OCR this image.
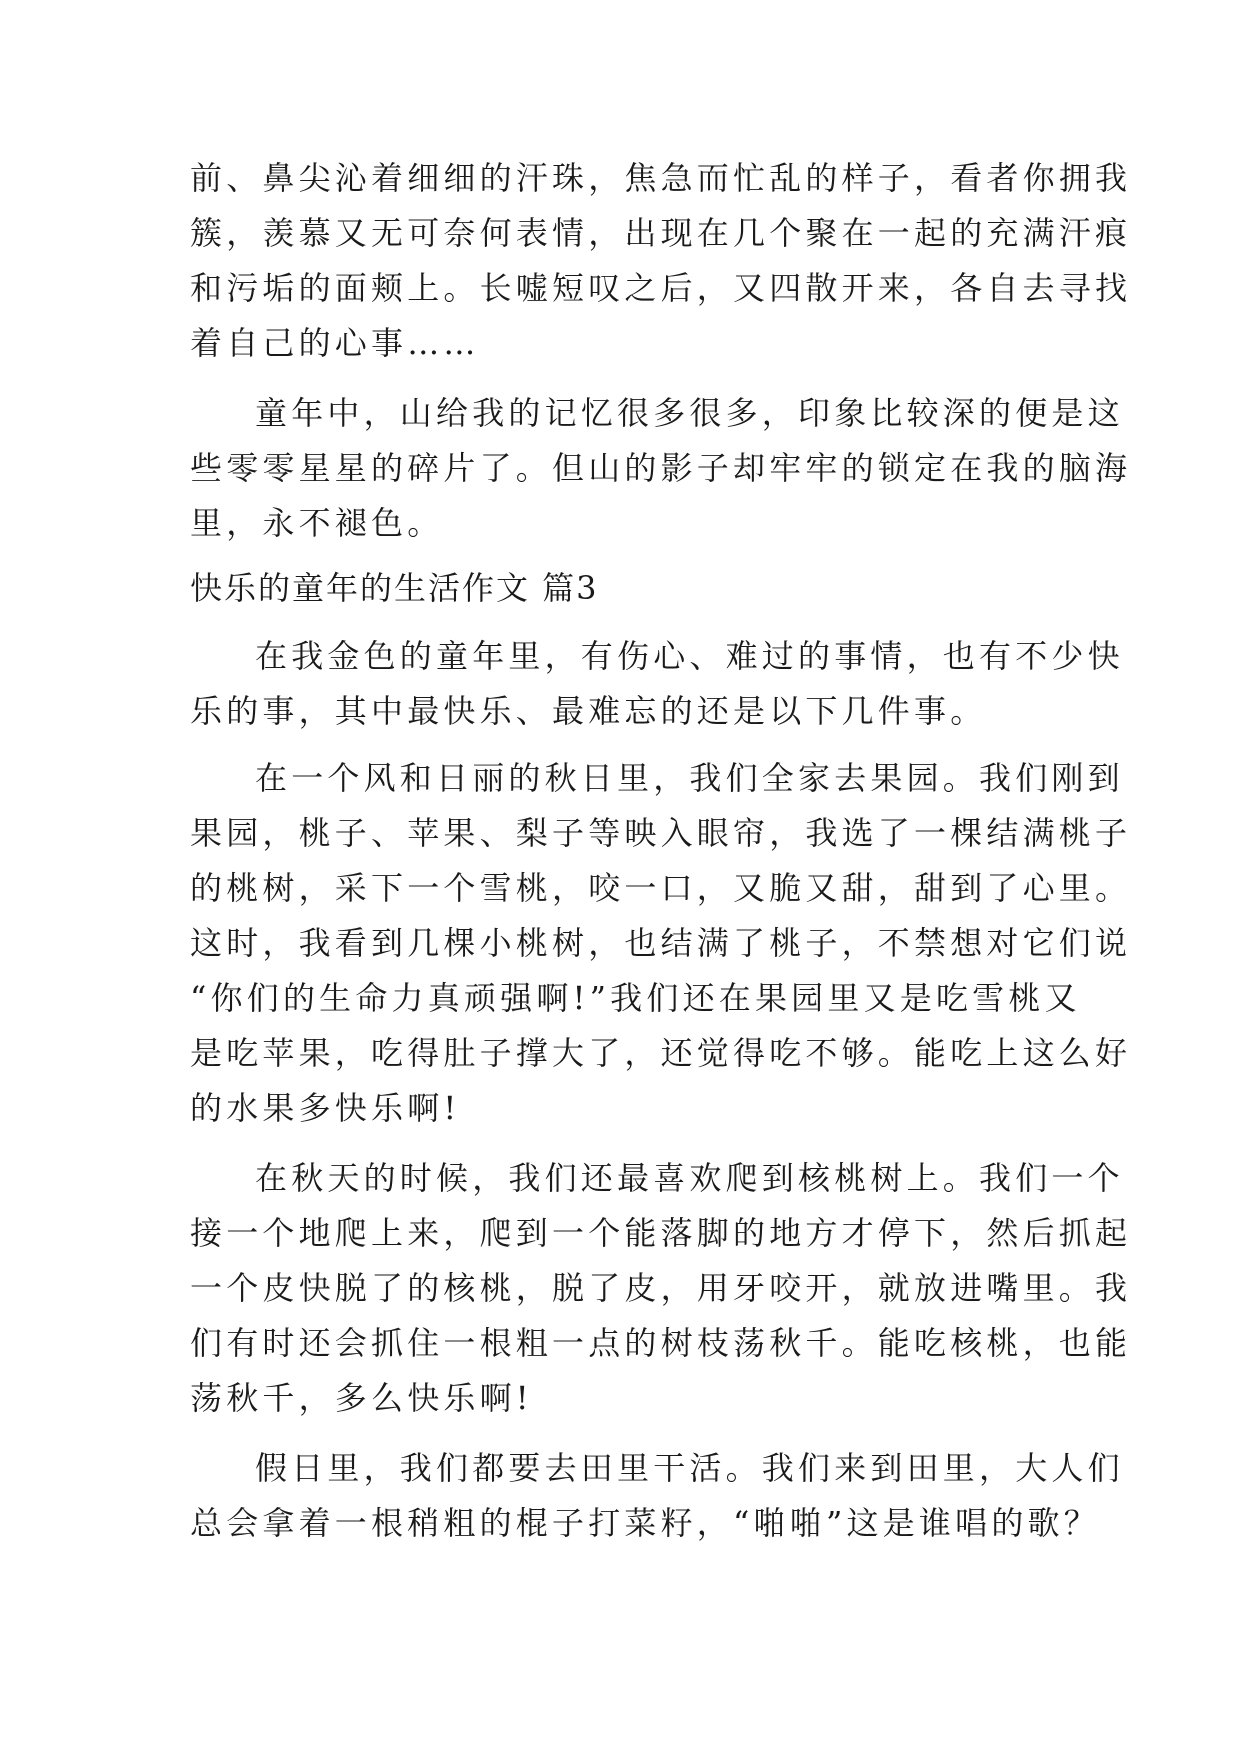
前、鼻尖沁着细细的汗珠，焦急而忙乱的样子，看者你拥我
簇，羡慕又无可奈何表情，出现在几个聚在一起的充满汗痕
和污垢的面颊上。长嘘短叹之后，又四散开来，各自去寻找
着自己的心事……
童年中，山给我的记忆很多很多，印象比较深的便是这
些零零星星的碎片了。但山的影子却牢牢的锁定在我的脑海
里，永不褪色。
快乐的童年的生活作文 篇3
在我金色的童年里，有伤心、难过的事情，也有不少快
乐的事，其中最快乐、最难忘的还是以下几件事。
在一个风和日丽的秋日里，我们全家去果园。我们刚到
果园，桃子、苹果、梨子等映入眼帘，我选了一棵结满桃子
的桃树，采下一个雪桃，咬一口，又脆又甜，甜到了心里。
这时，我看到几棵小桃树，也结满了桃子，不禁想对它们说
“你们的生命力真顽强啊!”我们还在果园里又是吃雪桃又
是吃苹果，吃得肚子撑大了，还觉得吃不够。能吃上这么好
的水果多快乐啊!
在秋天的时候，我们还最喜欢爬到核桃树上。我们一个
接一个地爬上来，爬到一个能落脚的地方才停下，然后抓起
一个皮快脱了的核桃，脱了皮，用牙咬开，就放进嘴里。我
们有时还会抓住一根粗一点的树枝荡秋千。能吃核桃，也能
荡秋千，多么快乐啊!
假日里，我们都要去田里干活。我们来到田里，大人们
总会拿着一根稍粗的棍子打菜籽，“啪啪”这是谁唱的歌？
